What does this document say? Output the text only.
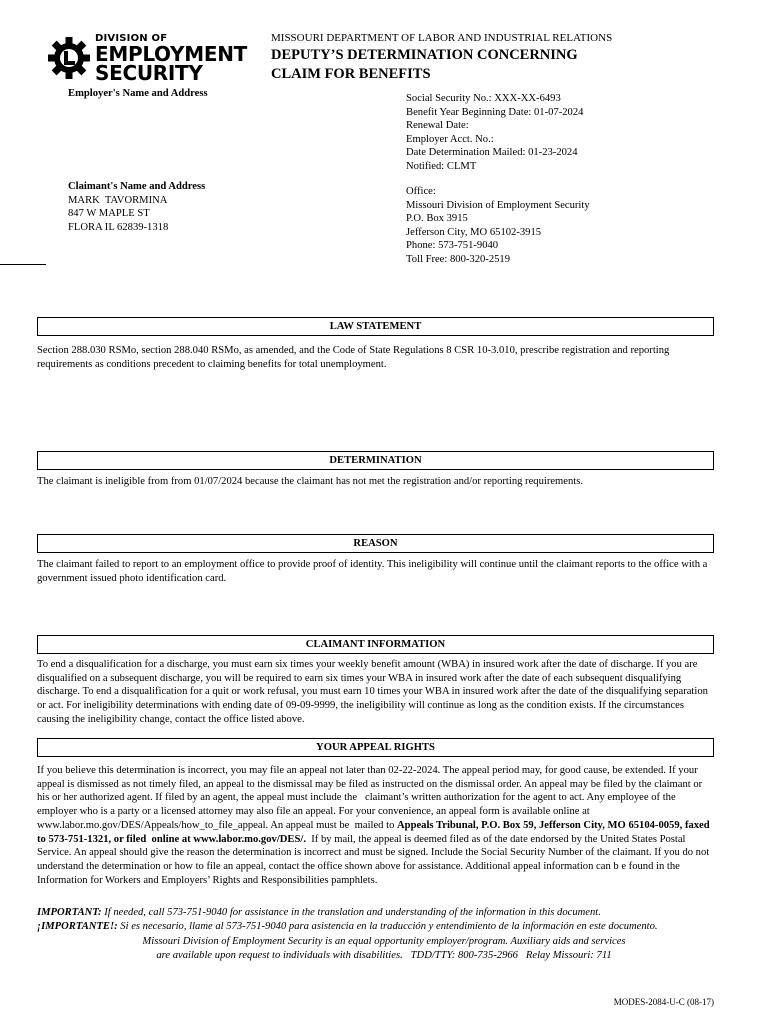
DIVISION OF
EMPLOYMENT
SECURITY
MISSOURI DEPARTMENT OF LABOR AND INDUSTRIAL RELATIONS
DEPUTY’S DETERMINATION CONCERNING
CLAIM FOR BENEFITS
Employer's Name and Address	Social Security No.: XXX-XX-6493
Benefit Year Beginning Date: 01-07-2024
Renewal Date:
Employer Acct. No.:
Date Determination Mailed: 01-23-2024
Notified: CLMT
Claimant's Name and Address
MARK  TAVORMINA
847 W MAPLE ST
FLORA IL 62839-1318
Office:
Missouri Division of Employment Security
P.O. Box 3915
Jefferson City, MO 65102-3915
Phone: 573-751-9040
Toll Free: 800-320-2519
LAW STATEMENT
Section 288.030 RSMo, section 288.040 RSMo, as amended, and the Code of State Regulations 8 CSR 10-3.010, prescribe registration and reporting requirements as conditions precedent to claiming benefits for total unemployment.
DETERMINATION
The claimant is ineligible from from 01/07/2024 because the claimant has not met the registration and/or reporting requirements.
REASON
The claimant failed to report to an employment office to provide proof of identity. This ineligibility will continue until the claimant reports to the office with a government issued photo identification card.
CLAIMANT INFORMATION
To end a disqualification for a discharge, you must earn six times your weekly benefit amount (WBA) in insured work after the date of discharge. If you are disqualified on a subsequent discharge, you will be required to earn six times your WBA in insured work after the date of each subsequent disqualifying discharge. To end a disqualification for a quit or work refusal, you must earn 10 times your WBA in insured work after the date of the disqualifying separation or act. For ineligibility determinations with ending date of 09-09-9999, the ineligibility will continue as long as the condition exists. If the circumstances causing the ineligibility change, contact the office listed above.
YOUR APPEAL RIGHTS
If you believe this determination is incorrect, you may file an appeal not later than 02-22-2024. The appeal period may, for good cause, be extended. If your appeal is dismissed as not timely filed, an appeal to the dismissal may be filed as instructed on the dismissal order. An appeal may be filed by the claimant or his or her authorized agent. If filed by an agent, the appeal must include the   claimant’s written authorization for the agent to act. Any employee of the employer who is a party or a licensed attorney may also file an appeal. For your convenience, an appeal form is available online at www.labor.mo.gov/DES/Appeals/how_to_file_appeal. An appeal must be  mailed to Appeals Tribunal, P.O. Box 59, Jefferson City, MO 65104-0059, faxed to 573-751-1321, or filed  online at www.labor.mo.gov/DES/.  If by mail, the appeal is deemed filed as of the date endorsed by the United States Postal Service. An appeal should give the reason the determination is incorrect and must be signed. Include the Social Security Number of the claimant. If you do not understand the determination or how to file an appeal, contact the office shown above for assistance. Additional appeal information can b e found in the Information for Workers and Employers’ Rights and Responsibilities pamphlets.
IMPORTANT: If needed, call 573-751-9040 for assistance in the translation and understanding of the information in this document.
¡IMPORTANTE!: Si es necesario, llame al 573-751-9040 para asistencia en la traducción y entendimiento de la información en este documento.
Missouri Division of Employment Security is an equal opportunity employer/program. Auxiliary aids and services
are available upon request to individuals with disabilities.   TDD/TTY: 800-735-2966   Relay Missouri: 711
MODES-2084-U-C (08-17)
